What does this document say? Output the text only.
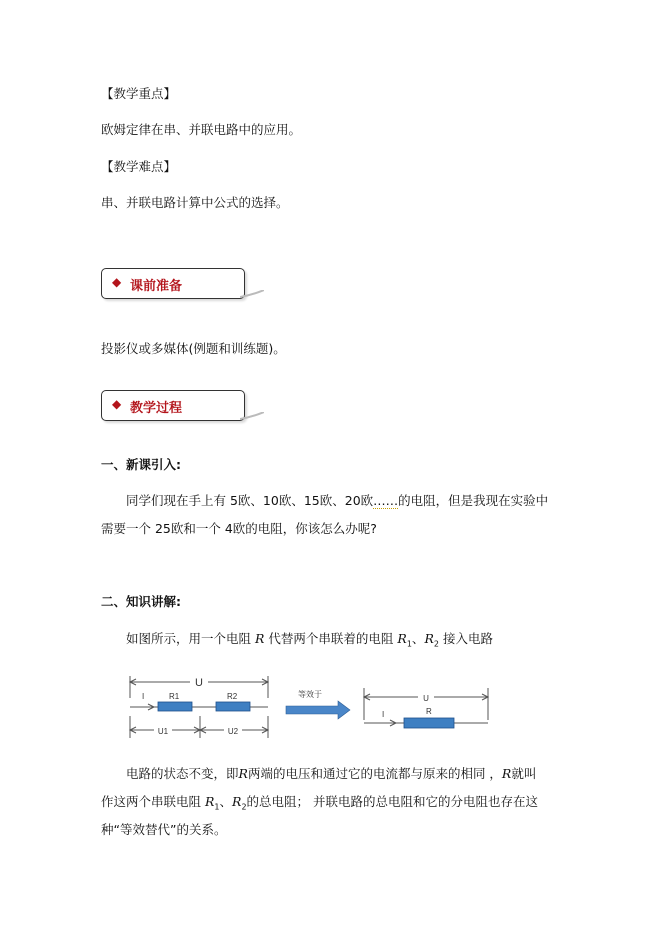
【教学重点】
欧姆定律在串、并联电路中的应用。
【教学难点】
串、并联电路计算中公式的选择。
◆ 课前准备
投影仪或多媒体(例题和训练题)。
◆ 教学过程
一、新课引入:
同学们现在手上有 5欧、10欧、15欧、20欧……的电阻，但是我现在实验中
需要一个 25欧和一个 4欧的电阻，你该怎么办呢?
二、知识讲解:
如图所示，用一个电阻 R 代替两个串联着的电阻 $R_1$、$R_2$ 接入电路
U
I	R1	R2
U1	U2
等效于	U
I	R
电路的状态不变，即R两端的电压和通过它的电流都与原来的相同 ，R就叫
作这两个串联电阻 $R_1$、$R_2$的总电阻； 并联电路的总电阻和它的分电阻也存在这
种“等效替代”的关系。
